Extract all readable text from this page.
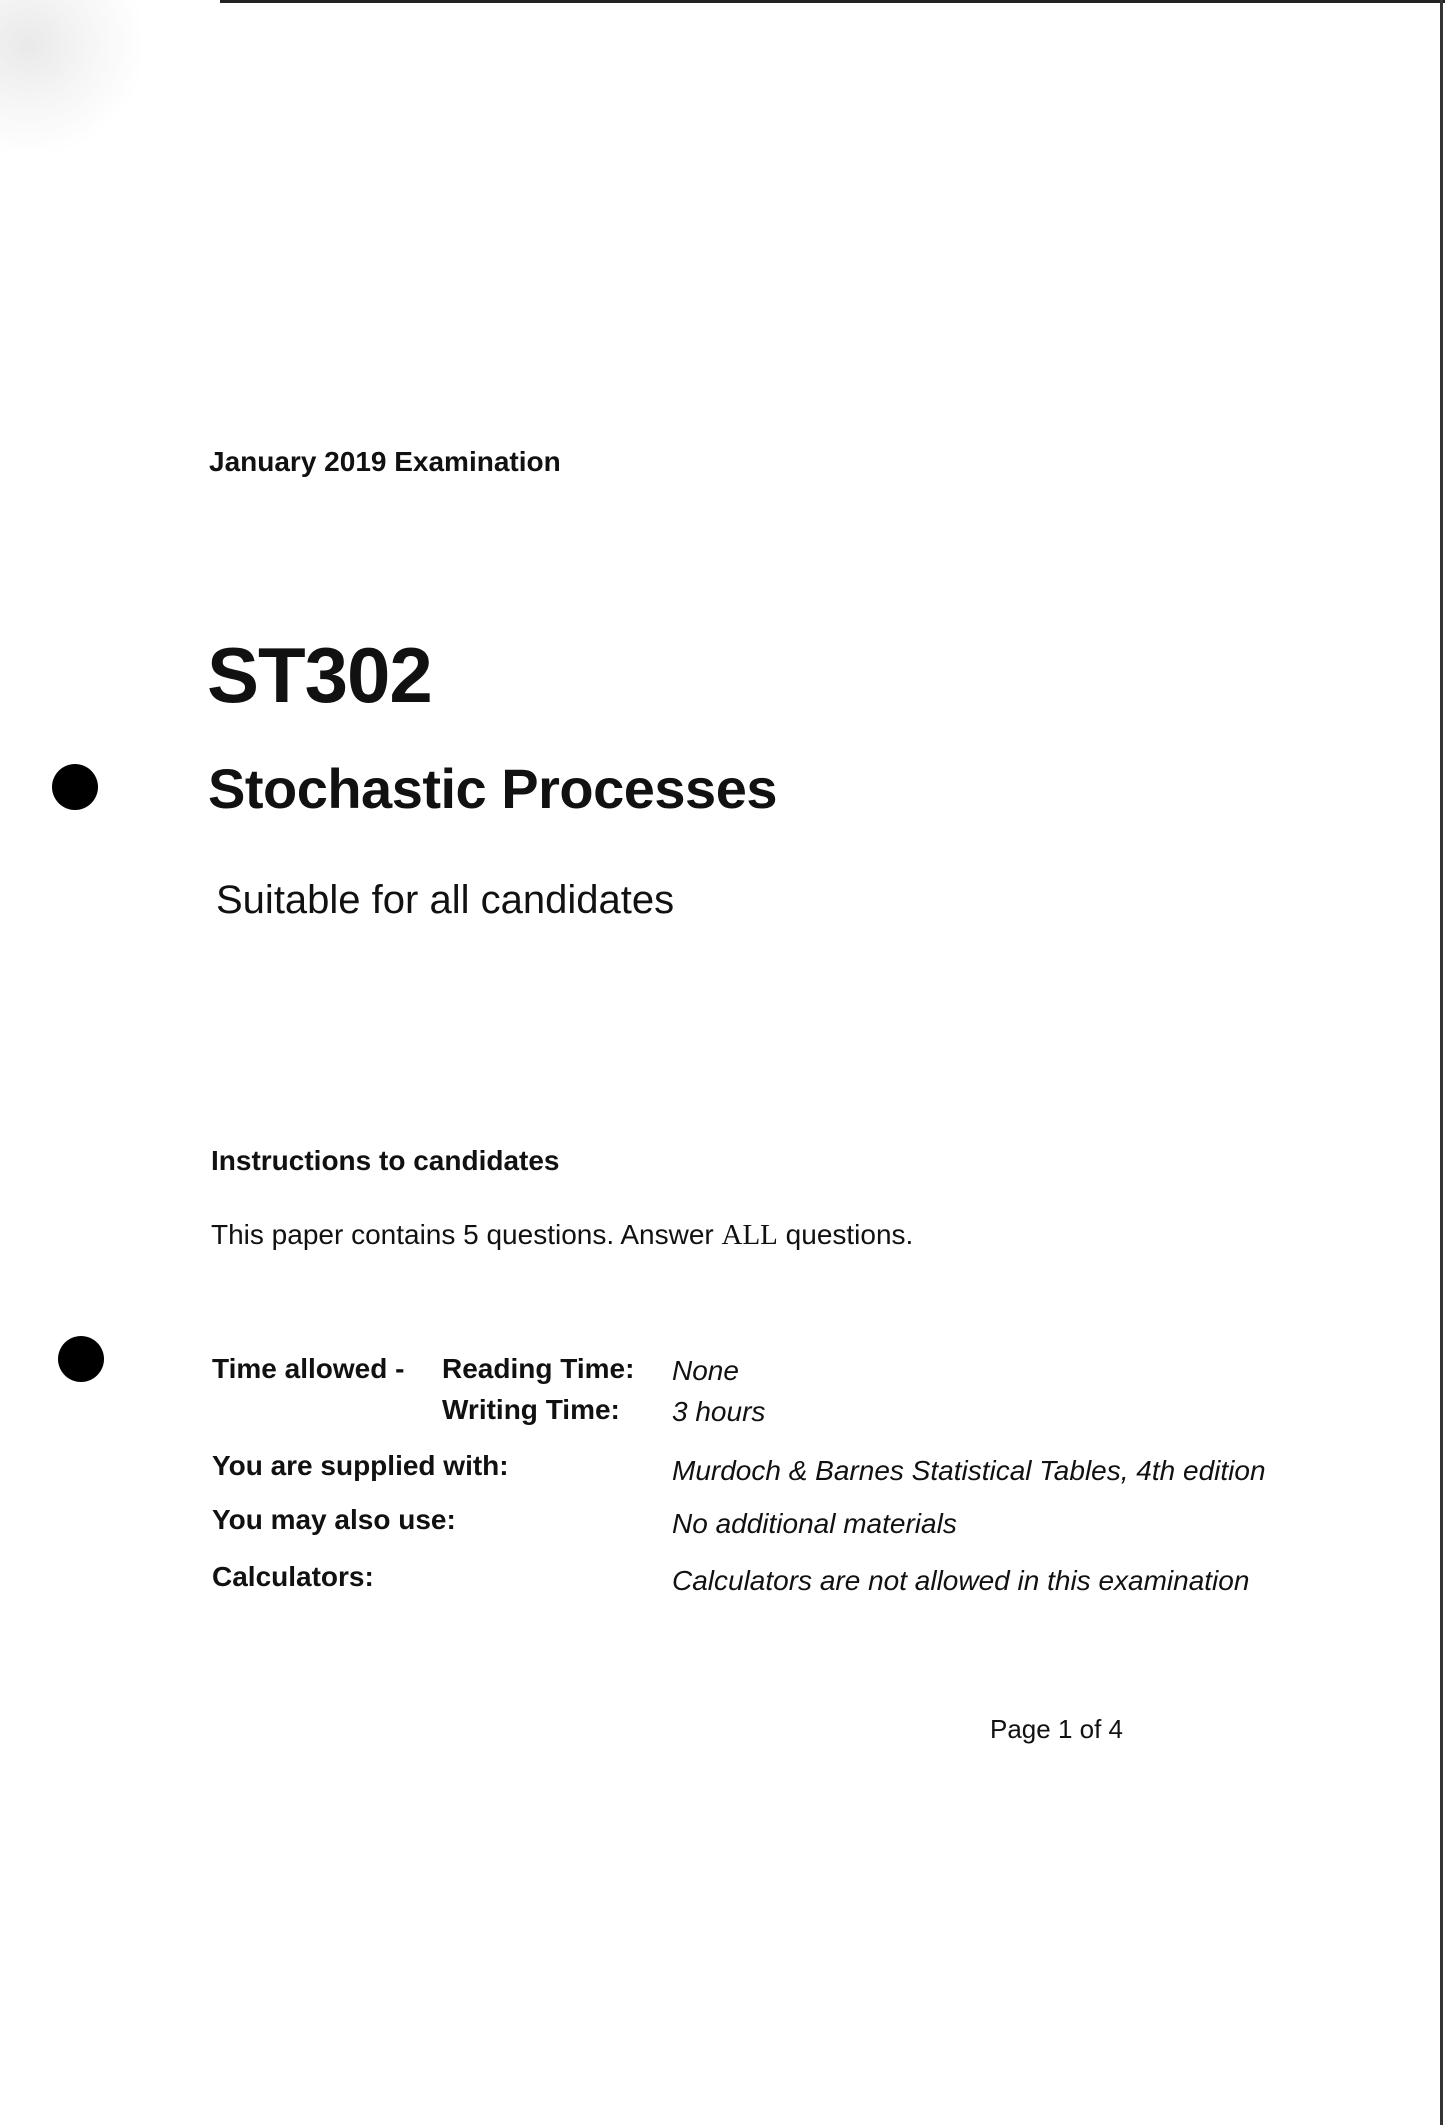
January 2019 Examination
ST302
Stochastic Processes
Suitable for all candidates
Instructions to candidates
This paper contains 5 questions. Answer ALL questions.
Time allowed - Reading Time: None
Writing Time: 3 hours
You are supplied with:	Murdoch & Barnes Statistical Tables, 4th edition
You may also use:	No additional materials
Calculators:	Calculators are not allowed in this examination
Page 1 of 4
